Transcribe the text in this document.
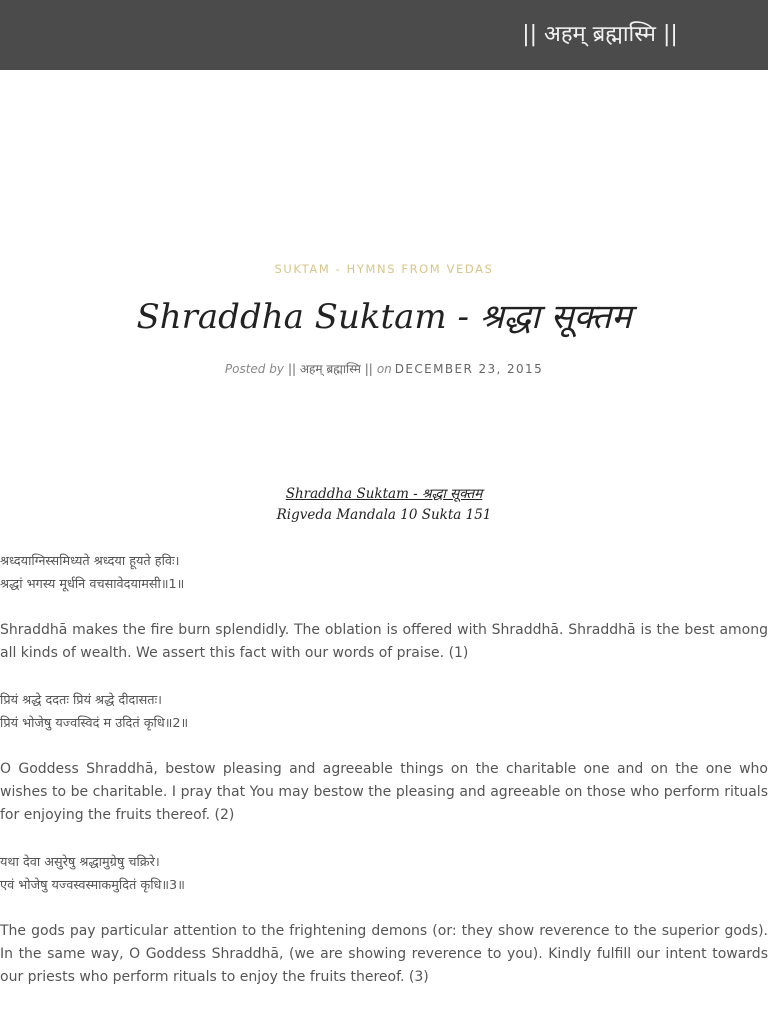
|| अहम् ब्रह्मास्मि ||
SUKTAM - HYMNS FROM VEDAS
Shraddha Suktam - श्रद्धा सूक्तम
Posted by || अहम् ब्रह्मास्मि || on DECEMBER 23, 2015
Shraddha Suktam - श्रद्धा सूक्तम
Rigveda Mandala 10 Sukta 151
श्रध्दयाग्निस्समिध्यते श्रध्दया हूयते हविः।
श्रद्धां भगस्य मूर्धनि वचसावेदयामसी॥1॥

Shraddhā makes the fire burn splendidly. The oblation is offered with Shraddhā. Shraddhā is the best among all kinds of wealth. We assert this fact with our words of praise. (1)

प्रियं श्रद्धे ददतः प्रियं श्रद्धे दीदासतः।
प्रियं भोजेषु यज्वस्विदं म उदितं कृधि॥2॥

O Goddess Shraddhā, bestow pleasing and agreeable things on the charitable one and on the one who wishes to be charitable. I pray that You may bestow the pleasing and agreeable on those who perform rituals for enjoying the fruits thereof. (2)

यथा देवा असुरेषु श्रद्धामुग्रेषु चक्रिरे।
एवं भोजेषु यज्वस्वस्माकमुदितं कृधि॥3॥

The gods pay particular attention to the frightening demons (or: they show reverence to the superior gods). In the same way, O Goddess Shraddhā, (we are showing reverence to you). Kindly fulfill our intent towards our priests who perform rituals to enjoy the fruits thereof. (3)
